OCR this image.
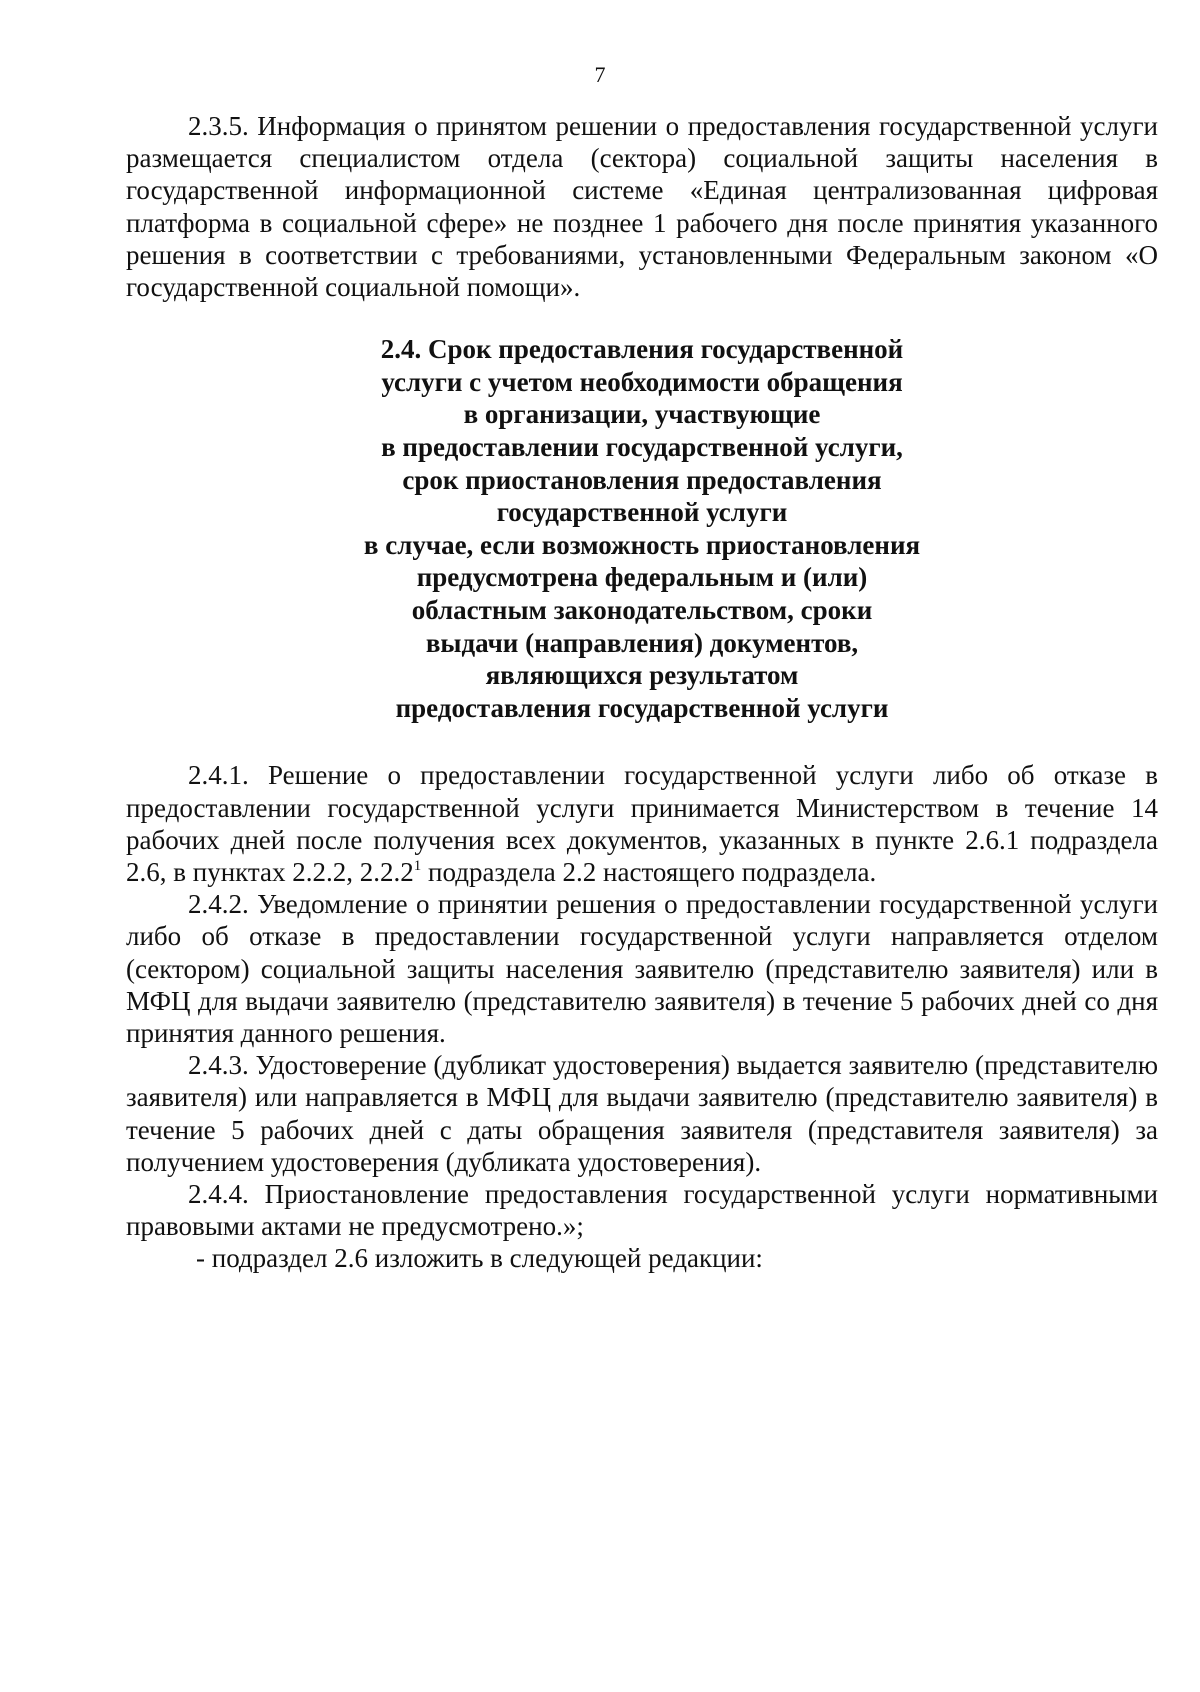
7

2.3.5. Информация о принятом решении о предоставления государственной услуги размещается специалистом отдела (сектора) социальной защиты населения в государственной информационной системе «Единая централизованная цифровая платформа в социальной сфере» не позднее 1 рабочего дня после принятия указанного решения в соответствии с требованиями, установленными Федеральным законом «О государственной социальной помощи».

2.4. Срок предоставления государственной
услуги с учетом необходимости обращения
в организации, участвующие
в предоставлении государственной услуги,
срок приостановления предоставления
государственной услуги
в случае, если возможность приостановления
предусмотрена федеральным и (или)
областным законодательством, сроки
выдачи (направления) документов,
являющихся результатом
предоставления государственной услуги

2.4.1. Решение о предоставлении государственной услуги либо об отказе в предоставлении государственной услуги принимается Министерством в течение 14 рабочих дней после получения всех документов, указанных в пункте 2.6.1 подраздела 2.6, в пунктах 2.2.2, 2.2.2$^1$ подраздела 2.2 настоящего подраздела.

2.4.2. Уведомление о принятии решения о предоставлении государственной услуги либо об отказе в предоставлении государственной услуги направляется отделом (сектором) социальной защиты населения заявителю (представителю заявителя) или в МФЦ для выдачи заявителю (представителю заявителя) в течение 5 рабочих дней со дня принятия данного решения.

2.4.3. Удостоверение (дубликат удостоверения) выдается заявителю (представителю заявителя) или направляется в МФЦ для выдачи заявителю (представителю заявителя) в течение 5 рабочих дней с даты обращения заявителя (представителя заявителя) за получением удостоверения (дубликата удостоверения).

2.4.4. Приостановление предоставления государственной услуги нормативными правовыми актами не предусмотрено.»;

- подраздел 2.6 изложить в следующей редакции:
